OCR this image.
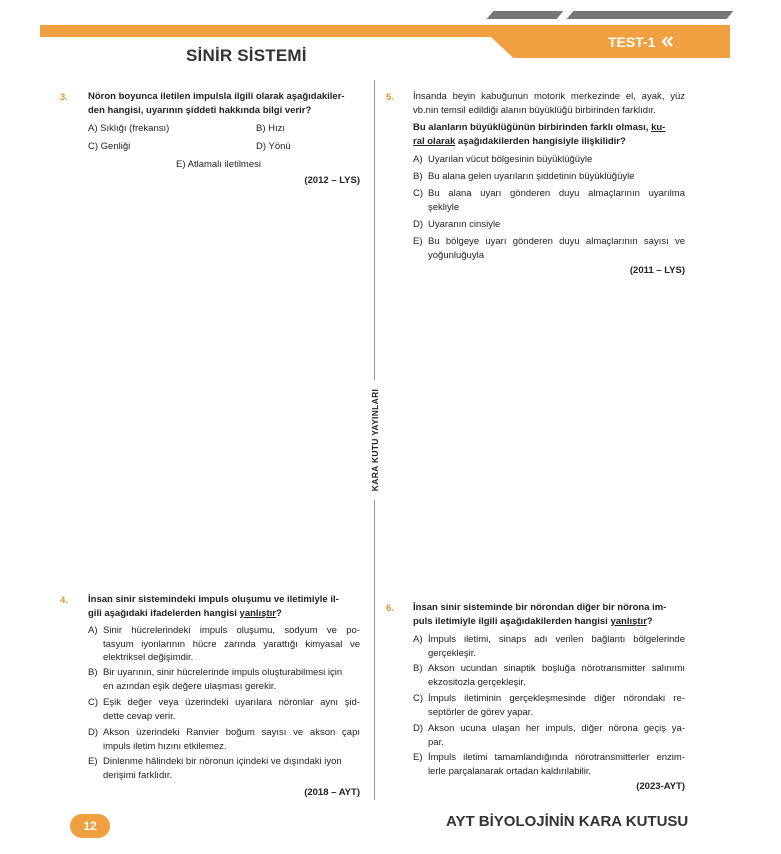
TEST-1
SİNİR SİSTEMİ
KARA KUTU YAYINLARI
3. Nöron boyunca iletilen impulsla ilgili olarak aşağıdakiler-
den hangisi, uyarının şiddeti hakkında bilgi verir?
A) Sıklığı (frekansı)	B) Hızı
C) Genliği	D) Yönü
E) Atlamalı iletilmesi
(2012 – LYS)
4. İnsan sinir sistemindeki impuls oluşumu ve iletimiyle il-
gili aşağıdaki ifadelerden hangisi yanlıştır?
A) Sinir hücrelerindeki impuls oluşumu, sodyum ve po-
tasyum iyonlarının hücre zarında yarattığı kimyasal ve
elektriksel değişimdir.
B) Bir uyarının, sinir hücrelerinde impuls oluşturabilmesi için
en azından eşik değere ulaşması gerekir.
C) Eşik değer veya üzerindeki uyarılara nöronlar aynı şid-
dette cevap verir.
D) Akson üzerindeki Ranvier boğum sayısı ve akson çapı
impuls iletim hızını etkilemez.
E) Dinlenme hâlindeki bir nöronun içindeki ve dışındaki iyon
derişimi farklıdır.
(2018 – AYT)
5. İnsanda beyin kabuğunun motorik merkezinde el, ayak, yüz
vb.nin temsil edildiği alanın büyüklüğü birbirinden farklıdır.
Bu alanların büyüklüğünün birbirinden farklı olması, ku-
ral olarak aşağıdakilerden hangisiyle ilişkilidir?
A) Uyarılan vücut bölgesinin büyüklüğüyle
B) Bu alana gelen uyarıların şiddetinin büyüklüğüyle
C) Bu alana uyarı gönderen duyu almaçlarının uyarılma
şekliyle
D) Uyaranın cinsiyle
E) Bu bölgeye uyarı gönderen duyu almaçlarının sayısı ve
yoğunluğuyla
(2011 – LYS)
6. İnsan sinir sisteminde bir nörondan diğer bir nörona im-
puls iletimiyle ilgili aşağıdakilerden hangisi yanlıştır?
A) İmpuls iletimi, sinaps adı verilen bağlantı bölgelerinde
gerçekleşir.
B) Akson ucundan sinaptik boşluğa nörotransmitter salınımı
ekzositozla gerçekleşir.
C) İmpuls iletiminin gerçekleşmesinde diğer nörondaki re-
septörler de görev yapar.
D) Akson ucuna ulaşan her impuls, diğer nörona geçiş ya-
par.
E) İmpuls iletimi tamamlandığında nörotransmitterler enzim-
lerle parçalanarak ortadan kaldırılabilir.
(2023-AYT)
12	AYT BİYOLOJİNİN KARA KUTUSU
